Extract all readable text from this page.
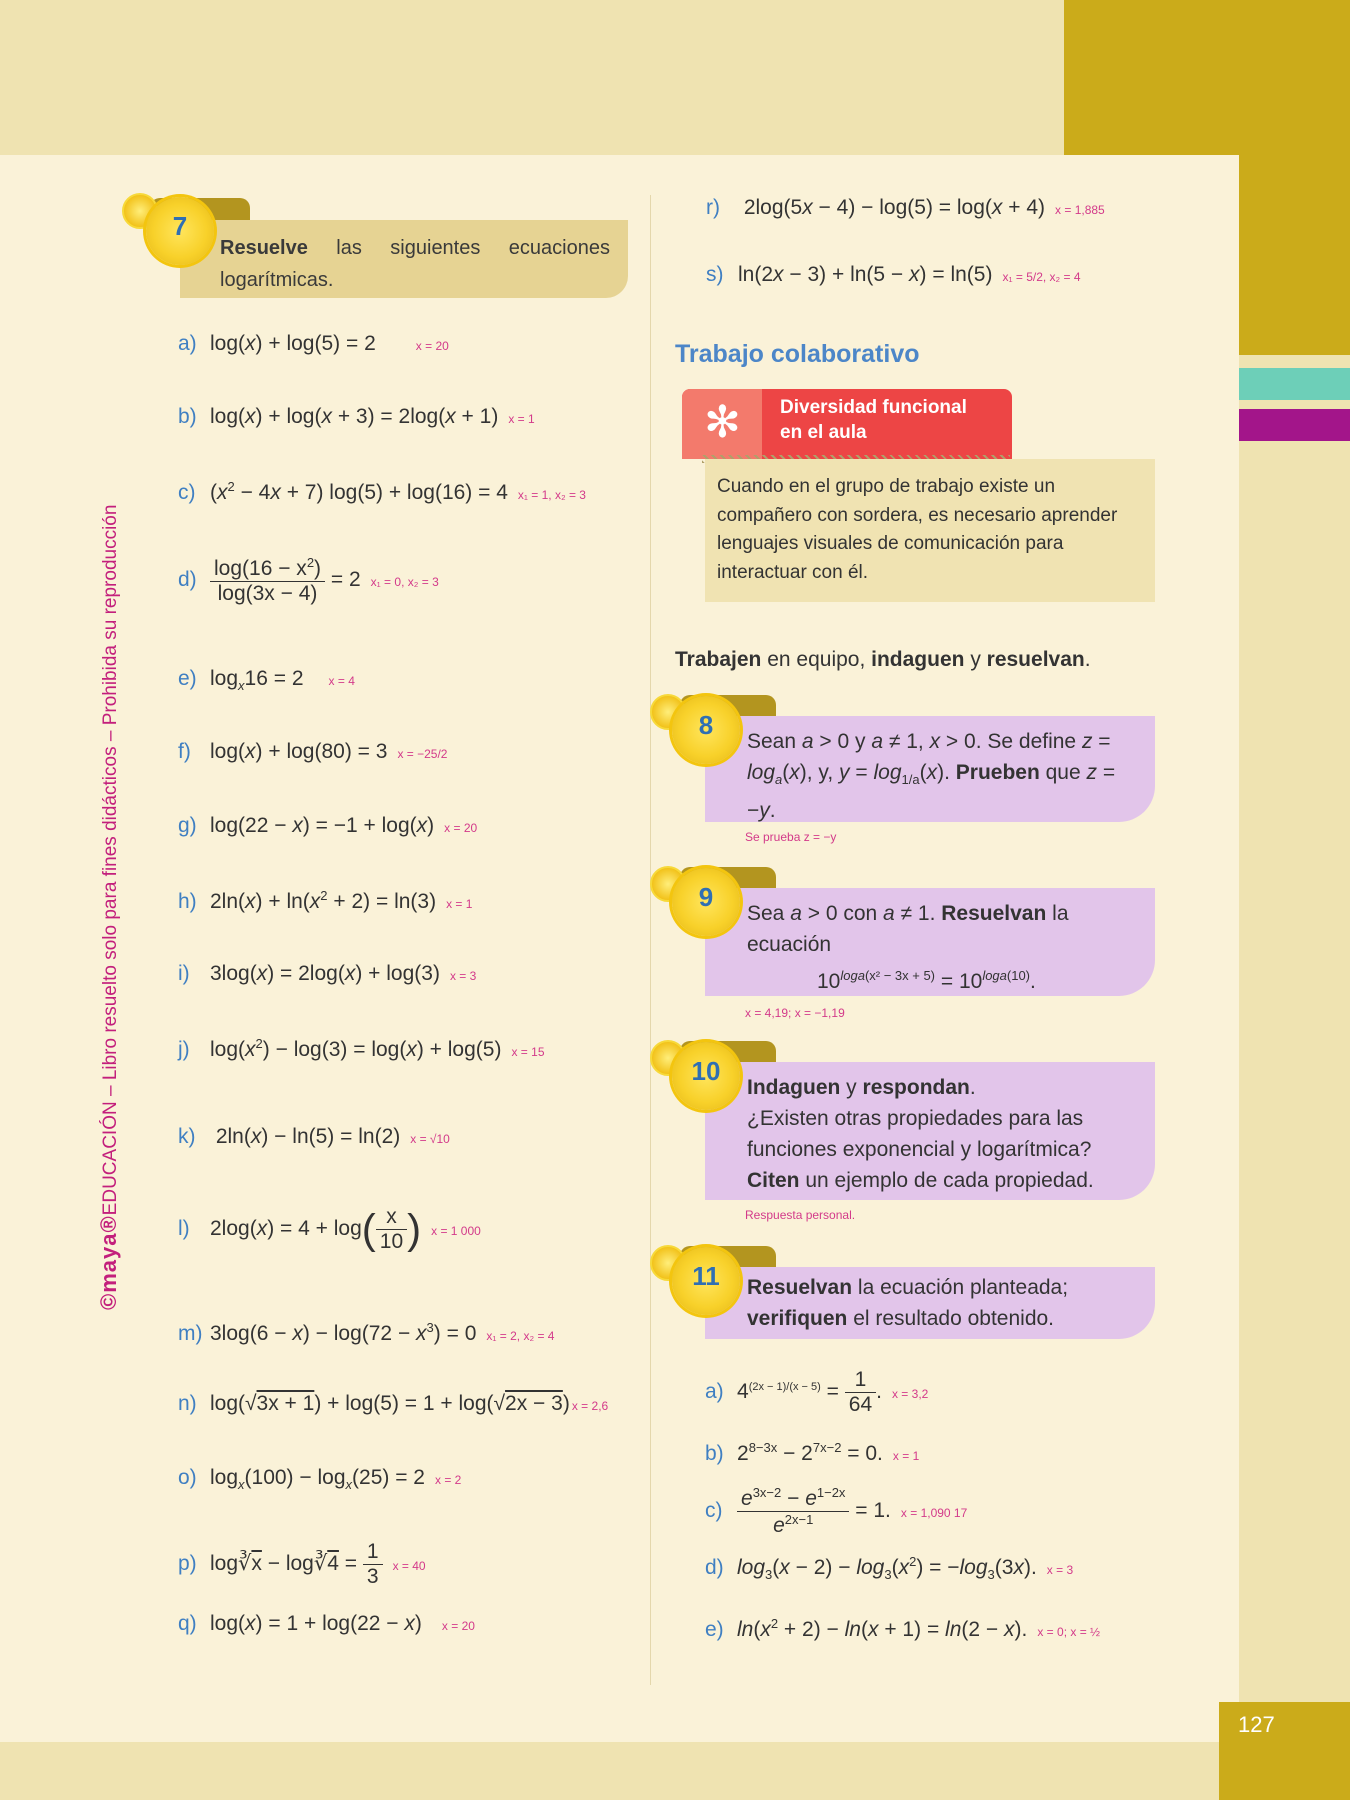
127
©maya®EDUCACIÓN – Libro resuelto solo para fines didácticos – Prohibida su reproducción

Resuelve las siguientes ecuaciones logarítmicas.

7
a) log(x) + log(5) = 2	x = 20
b) log(x) + log(x + 3) = 2log(x + 1) x = 1
c) $(x^2 - 4x + 7) \log(5) + \log(16) = 4$ x₁ = 1, x₂ = 3
$d) \frac{\log(16 - x^2)}{\log(3x - 4)} = 2$ x₁ = 0, x₂ = 3
e) $\log_x16 = 2$ x = 4
f) log(x) + log(80) = 3 x = −25/2
g) log(22 − x) = −1 + log(x) x = 20
h) $2\ln(x) + \ln(x^2 + 2) = \ln(3) x = 1$
i) 3log(x) = 2log(x) + log(3) x = 3
j) $\log(x^2) - \log(3) = \log(x) + \log(5) x = 15$
k) 2ln(x) − ln(5) = ln(2) x = √10
l) $2\log(x) = 4 + \log( \frac{x}{10}$ ) x = 1 000
m) $3\log(6 - x) - \log(72 - x^3) = 0$ x₁ = 2, x₂ = 4
n) log(√3x + 1) + log(5) = 1 + log(√2x − 3) x = 2,6
o) $\log_x(100) - \log_x(25) = 2$ x = 2
p) $\log∛\overline{x}$ − log∛4 = $\frac{1}{3}$ x = 40
q) log(x) = 1 + log(22 − x) x = 20
r) 2log(5x − 4) − log(5) = log(x + 4) x = 1,885
s) ln(2x − 3) + ln(5 − x) = ln(5) x₁ = 5/2, x₂ = 4
Trabajo colaborativo
✻ Diversidad funcional
en el aula

Cuando en el grupo de trabajo existe un compañero con sordera, es necesario aprender lenguajes visuales de comunicación para interactuar con él.

Trabajen en equipo, indaguen y resuelvan.

Sean a > 0 y a ≠ 1, x > 0. Se define $z = \log_a(x)$, y, $y = \log_{1/a}(x)$. Prueben que z = −y.

8
Se prueba z = −y

Sea a > 0 con a ≠ 1. Resuelvan la ecuación
$10^{loga(x^2 - 3x + 5)} = 10^{loga(10)}$.

9
x = 4,19; x = −1,19

Indaguen y respondan.
¿Existen otras propiedades para las funciones exponencial y logarítmica? Citen un ejemplo de cada propiedad.

10
Respuesta personal.

Resuelvan la ecuación planteada; verifiquen el resultado obtenido.

11
a) $4^{(2x - 1)/(x - 5)} = \frac{1}{64}$ . x = 3,2
b) $2^{8-3x} - 2^{7x-2} = 0$. x = 1
$c) \frac{e^{3x-2} - e^{1-2x}}{e^{2x-1}} = 1$. x = 1,090 17
d) $\log_3(x - 2) - \log_3(x^2) = -\log_3(3x)$. x = 3
e) $\ln(x^2 + 2) - \ln(x + 1) = \ln(2 - x)$. x = 0; x = ½
